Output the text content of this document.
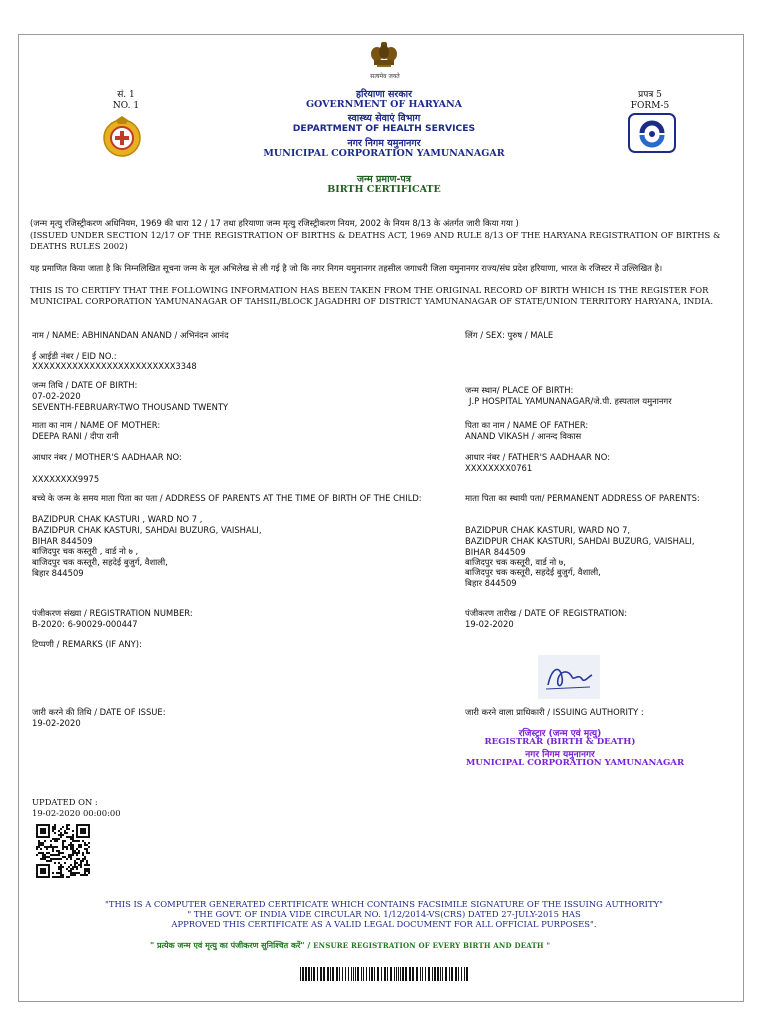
सत्यमेव जयते
सं. 1
NO. 1
प्रपत्र 5
FORM-5
हरियाणा सरकार
GOVERNMENT OF HARYANA
स्वास्थ्य सेवाएं विभाग
DEPARTMENT OF HEALTH SERVICES
नगर निगम यमुनानगर
MUNICIPAL CORPORATION YAMUNANAGAR
जन्म प्रमाण-पत्र
BIRTH CERTIFICATE
(जन्म मृत्यु रजिस्ट्रीकरण अधिनियम, 1969 की धारा 12 / 17 तथा हरियाणा जन्म मृत्यु रजिस्ट्रीकरण नियम, 2002 के नियम 8/13 के अंतर्गत जारी किया गया )
(ISSUED UNDER SECTION 12/17 OF THE REGISTRATION OF BIRTHS & DEATHS ACT, 1969 AND RULE 8/13 OF THE HARYANA REGISTRATION OF BIRTHS & DEATHS RULES 2002)
यह प्रमाणित किया जाता है कि निम्नलिखित सूचना जन्म के मूल अभिलेख से ली गई है जो कि नगर निगम यमुनानगर तहसील जगाधरी जिला यमुनानगर राज्य/संघ प्रदेश हरियाणा, भारत के रजिस्टर में उल्लिखित है।
THIS IS TO CERTIFY THAT THE FOLLOWING INFORMATION HAS BEEN TAKEN FROM THE ORIGINAL RECORD OF BIRTH WHICH IS THE REGISTER FOR MUNICIPAL CORPORATION YAMUNANAGAR OF TAHSIL/BLOCK JAGADHRI OF DISTRICT YAMUNANAGAR OF STATE/UNION TERRITORY HARYANA, INDIA.
नाम / NAME: ABHINANDAN ANAND / अभिनंदन आनंद	लिंग / SEX: पुरुष / MALE
ई आईडी नंबर / EID NO.:
XXXXXXXXXXXXXXXXXXXXXXXXX3348
जन्म तिथि / DATE OF BIRTH:
07-02-2020
SEVENTH-FEBRUARY-TWO THOUSAND TWENTY
जन्म स्थान/ PLACE OF BIRTH:
J.P HOSPITAL YAMUNANAGAR/जे.पी. हस्पताल यमुनानगर
माता का नाम / NAME OF MOTHER:
DEEPA RANI / दीपा रानी
पिता का नाम / NAME OF FATHER:
ANAND VIKASH / आनन्द विकास
आधार नंबर / MOTHER'S AADHAAR NO:
XXXXXXXX9975
आधार नंबर / FATHER'S AADHAAR NO:
XXXXXXXX0761
बच्चे के जन्म के समय माता पिता का पता / ADDRESS OF PARENTS AT THE TIME OF BIRTH OF THE CHILD:
BAZIDPUR CHAK KASTURI , WARD NO 7 ,
BAZIDPUR CHAK KASTURI, SAHDAI BUZURG, VAISHALI,
BIHAR 844509
बाजिदपुर चक कस्तूरी , वार्ड नो ७ ,
बाजिदपुर चक कस्तूरी, सहदेई बुजुर्ग, वैशाली,
बिहार 844509
माता पिता का स्थायी पता/ PERMANENT ADDRESS OF PARENTS:
BAZIDPUR CHAK KASTURI, WARD NO 7,
BAZIDPUR CHAK KASTURI, SAHDAI BUZURG, VAISHALI,
BIHAR 844509
बाजिदपुर चक कस्तूरी, वार्ड नो ७,
बाजिदपुर चक कस्तूरी, सहदेई बुजुर्ग, वैशाली,
बिहार 844509
पंजीकरण संख्या / REGISTRATION NUMBER:
B-2020: 6-90029-000447
पंजीकरण तारीख / DATE OF REGISTRATION:
19-02-2020
टिप्पणी / REMARKS (IF ANY):
जारी करने की तिथि / DATE OF ISSUE:
19-02-2020
जारी करने वाला प्राधिकारी / ISSUING AUTHORITY :
रजिस्ट्रार (जन्म एवं मृत्यु)
REGISTRAR (BIRTH & DEATH)
नगर निगम यमुनानगर
MUNICIPAL CORPORATION YAMUNANAGAR
UPDATED ON :
19-02-2020 00:00:00
"THIS IS A COMPUTER GENERATED CERTIFICATE WHICH CONTAINS FACSIMILE SIGNATURE OF THE ISSUING AUTHORITY"
" THE GOVT. OF INDIA VIDE CIRCULAR NO. 1/12/2014-VS(CRS) DATED 27-JULY-2015 HAS
APPROVED THIS CERTIFICATE AS A VALID LEGAL DOCUMENT FOR ALL OFFICIAL PURPOSES".
" प्रत्येक जन्म एवं मृत्यु का पंजीकरण सुनिश्चित करें" / ENSURE REGISTRATION OF EVERY BIRTH AND DEATH "
